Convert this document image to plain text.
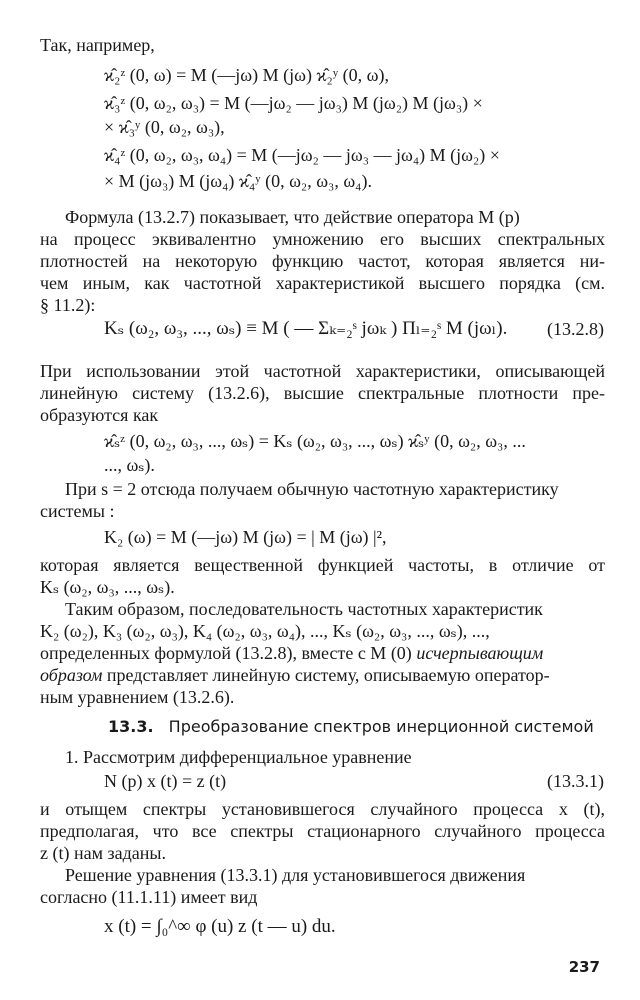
Так, например,
ϰ̂₂ᶻ (0, ω) = M (—jω) M (jω) ϰ̂₂ʸ (0, ω),
ϰ̂₃ᶻ (0, ω₂, ω₃) = M (—jω₂ — jω₃) M (jω₂) M (jω₃) ×
× ϰ̂₃ʸ (0, ω₂, ω₃),
ϰ̂₄ᶻ (0, ω₂, ω₃, ω₄) = M (—jω₂ — jω₃ — jω₄) M (jω₂) ×
× M (jω₃) M (jω₄) ϰ̂₄ʸ (0, ω₂, ω₃, ω₄).
Формула (13.2.7) показывает, что действие оператора M (p)
на процесс эквивалентно умножению его высших спектральных
плотностей на некоторую функцию частот, которая является ни-
чем иным, как частотной характеристикой высшего порядка (см.
§ 11.2):
Kₛ (ω₂, ω₃, ..., ωₛ) ≡ M ( — Σₖ₌₂ˢ jωₖ ) Πₗ₌₂ˢ M (jωₗ). (13.2.8)
При использовании этой частотной характеристики, описывающей
линейную систему (13.2.6), высшие спектральные плотности пре-
образуются как
ϰ̂ₛᶻ (0, ω₂, ω₃, ..., ωₛ) = Kₛ (ω₂, ω₃, ..., ωₛ) ϰ̂ₛʸ (0, ω₂, ω₃, ...
..., ωₛ).
При s = 2 отсюда получаем обычную частотную характеристику
системы :
K₂ (ω) = M (—jω) M (jω) = | M (jω) |²,
которая является вещественной функцией частоты, в отличие от
Kₛ (ω₂, ω₃, ..., ωₛ).
Таким образом, последовательность частотных характеристик
K₂ (ω₂), K₃ (ω₂, ω₃), K₄ (ω₂, ω₃, ω₄), ..., Kₛ (ω₂, ω₃, ..., ωₛ), ...,
определенных формулой (13.2.8), вместе с M (0) исчерпывающим
образом представляет линейную систему, описываемую оператор-
ным уравнением (13.2.6).
13.3. Преобразование спектров инерционной системой
1. Рассмотрим дифференциальное уравнение
N (p) x (t) = z (t)	(13.3.1)
и отыщем спектры установившегося случайного процесса x (t),
предполагая, что все спектры стационарного случайного процесса
z (t) нам заданы.
Решение уравнения (13.3.1) для установившегося движения
согласно (11.1.11) имеет вид
x (t) = ∫₀^∞ φ (u) z (t — u) du.
237
